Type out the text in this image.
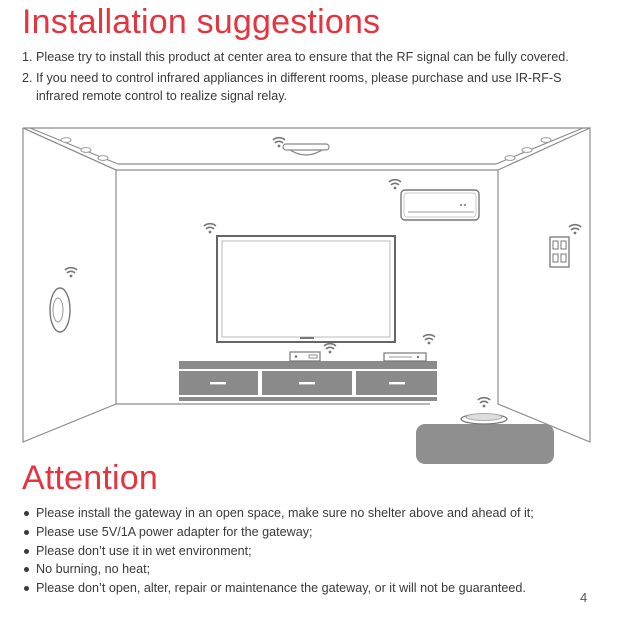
Installation suggestions
1. Please try to install this product at center area to ensure that the RF signal can be fully covered.
2. If you need to control infrared appliances in different rooms, please purchase and use IR-RF-S infrared remote control to realize signal relay.
Attention
Please install the gateway in an open space, make sure no shelter above and ahead of it;
Please use 5V/1A power adapter for the gateway;
Please don’t use it in wet environment;
No burning, no heat;
Please don’t open, alter, repair or maintenance the gateway, or it will not be guaranteed.
4
